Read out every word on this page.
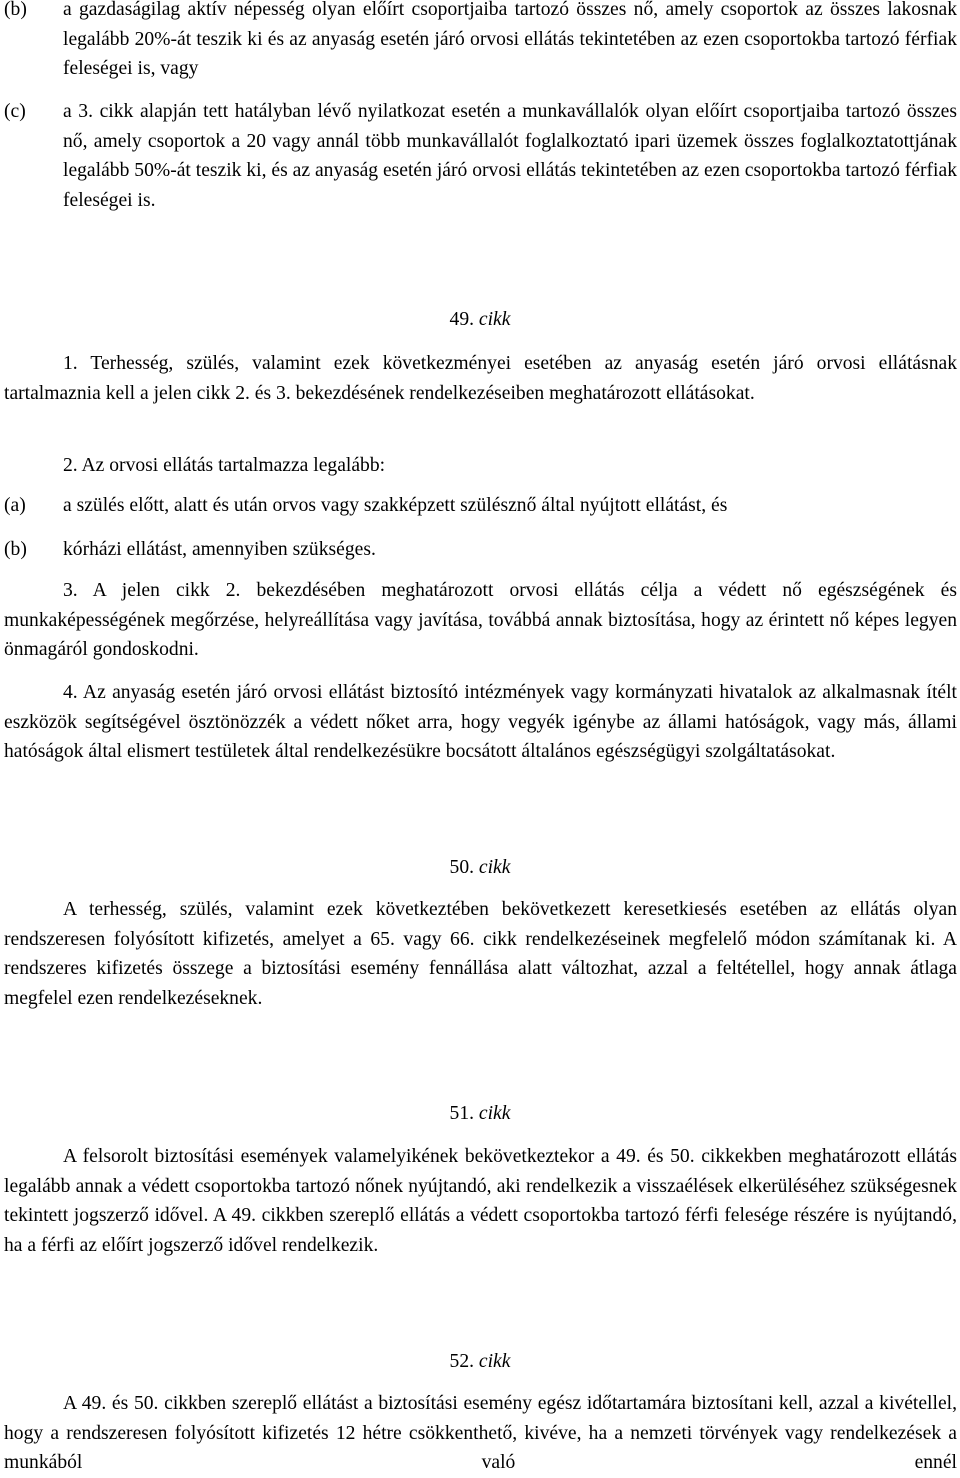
(b) a gazdaságilag aktív népesség olyan előírt csoportjaiba tartozó összes nő, amely csoportok az összes lakosnak legalább 20%-át teszik ki és az anyaság esetén járó orvosi ellátás tekintetében az ezen csoportokba tartozó férfiak feleségei is, vagy

(c) a 3. cikk alapján tett hatályban lévő nyilatkozat esetén a munkavállalók olyan előírt csoportjaiba tartozó összes nő, amely csoportok a 20 vagy annál több munkavállalót foglalkoztató ipari üzemek összes foglalkoztatottjának legalább 50%-át teszik ki, és az anyaság esetén járó orvosi ellátás tekintetében az ezen csoportokba tartozó férfiak feleségei is.

49. cikk

1. Terhesség, szülés, valamint ezek következményei esetében az anyaság esetén járó orvosi ellátásnak tartalmaznia kell a jelen cikk 2. és 3. bekezdésének rendelkezéseiben meghatározott ellátásokat.

2. Az orvosi ellátás tartalmazza legalább:

(a) a szülés előtt, alatt és után orvos vagy szakképzett szülésznő által nyújtott ellátást, és

(b) kórházi ellátást, amennyiben szükséges.

3. A jelen cikk 2. bekezdésében meghatározott orvosi ellátás célja a védett nő egészségének és munkaképességének megőrzése, helyreállítása vagy javítása, továbbá annak biztosítása, hogy az érintett nő képes legyen önmagáról gondoskodni.

4. Az anyaság esetén járó orvosi ellátást biztosító intézmények vagy kormányzati hivatalok az alkalmasnak ítélt eszközök segítségével ösztönözzék a védett nőket arra, hogy vegyék igénybe az állami hatóságok, vagy más, állami hatóságok által elismert testületek által rendelkezésükre bocsátott általános egészségügyi szolgáltatásokat.

50. cikk

A terhesség, szülés, valamint ezek következtében bekövetkezett keresetkiesés esetében az ellátás olyan rendszeresen folyósított kifizetés, amelyet a 65. vagy 66. cikk rendelkezéseinek megfelelő módon számítanak ki. A rendszeres kifizetés összege a biztosítási esemény fennállása alatt változhat, azzal a feltétellel, hogy annak átlaga megfelel ezen rendelkezéseknek.

51. cikk

A felsorolt biztosítási események valamelyikének bekövetkeztekor a 49. és 50. cikkekben meghatározott ellátás legalább annak a védett csoportokba tartozó nőnek nyújtandó, aki rendelkezik a visszaélések elkerüléséhez szükségesnek tekintett jogszerző idővel. A 49. cikkben szereplő ellátás a védett csoportokba tartozó férfi felesége részére is nyújtandó, ha a férfi az előírt jogszerző idővel rendelkezik.

52. cikk

A 49. és 50. cikkben szereplő ellátást a biztosítási esemény egész időtartamára biztosítani kell, azzal a kivétellel, hogy a rendszeresen folyósított kifizetés 12 hétre csökkenthető, kivéve, ha a nemzeti törvények vagy rendelkezések a munkából való ennél
